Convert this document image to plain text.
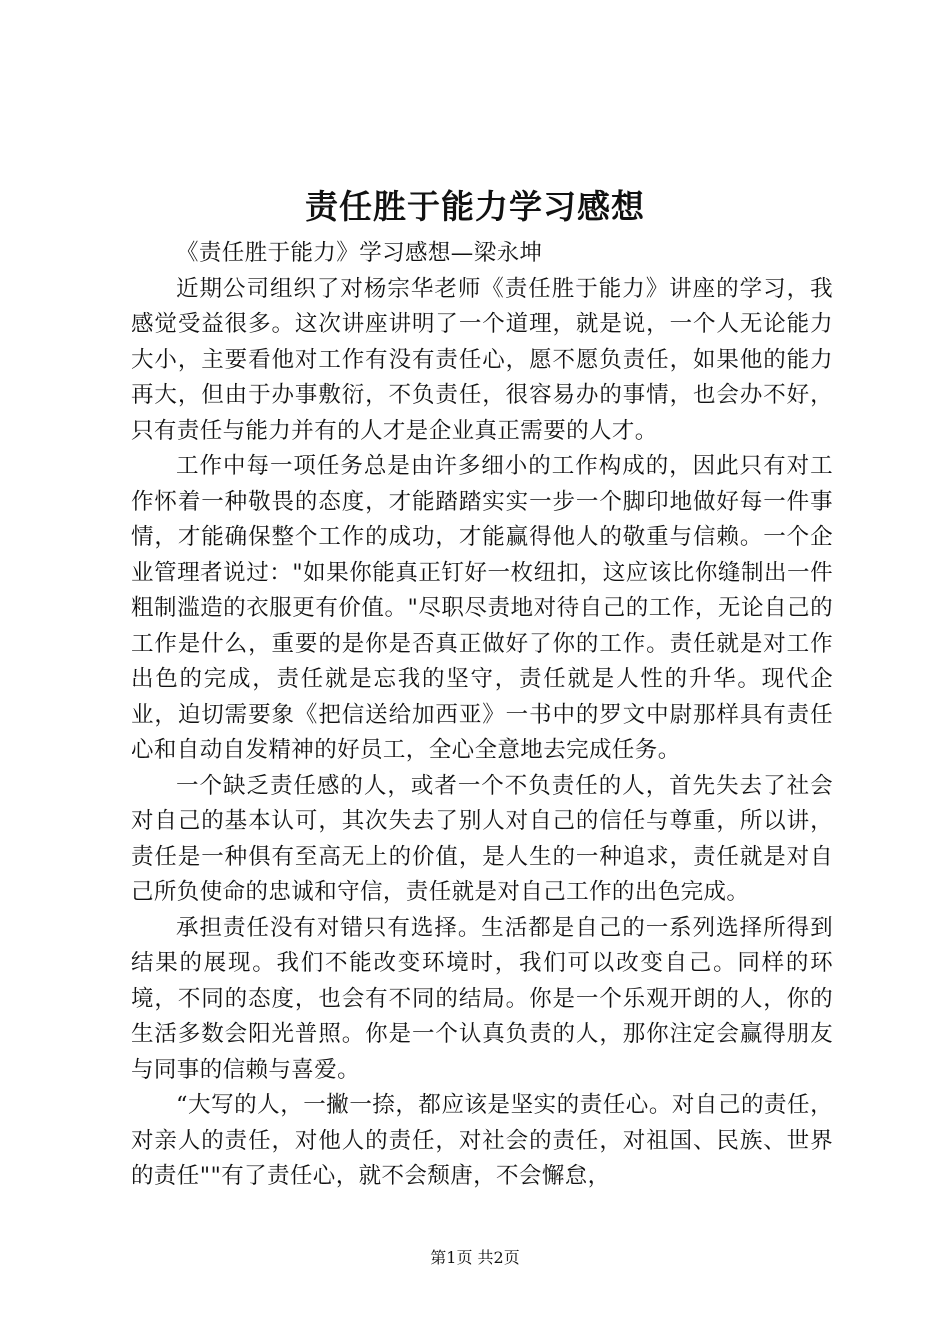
责任胜于能力学习感想

《责任胜于能力》学习感想—梁永坤

近期公司组织了对杨宗华老师《责任胜于能力》讲座的学习，我感觉受益很多。这次讲座讲明了一个道理，就是说，一个人无论能力大小，主要看他对工作有没有责任心，愿不愿负责任，如果他的能力再大，但由于办事敷衍，不负责任，很容易办的事情，也会办不好，只有责任与能力并有的人才是企业真正需要的人才。

工作中每一项任务总是由许多细小的工作构成的，因此只有对工作怀着一种敬畏的态度，才能踏踏实实一步一个脚印地做好每一件事情，才能确保整个工作的成功，才能赢得他人的敬重与信赖。一个企业管理者说过："如果你能真正钉好一枚纽扣，这应该比你缝制出一件粗制滥造的衣服更有价值。"尽职尽责地对待自己的工作，无论自己的工作是什么，重要的是你是否真正做好了你的工作。责任就是对工作出色的完成，责任就是忘我的坚守，责任就是人性的升华。现代企业，迫切需要象《把信送给加西亚》一书中的罗文中尉那样具有责任心和自动自发精神的好员工，全心全意地去完成任务。

一个缺乏责任感的人，或者一个不负责任的人，首先失去了社会对自己的基本认可，其次失去了别人对自己的信任与尊重，所以讲，责任是一种俱有至高无上的价值，是人生的一种追求，责任就是对自己所负使命的忠诚和守信，责任就是对自己工作的出色完成。

承担责任没有对错只有选择。生活都是自己的一系列选择所得到结果的展现。我们不能改变环境时，我们可以改变自己。同样的环境，不同的态度，也会有不同的结局。你是一个乐观开朗的人，你的生活多数会阳光普照。你是一个认真负责的人，那你注定会赢得朋友与同事的信赖与喜爱。

“大写的人，一撇一捺，都应该是坚实的责任心。对自己的责任，对亲人的责任，对他人的责任，对社会的责任，对祖国、民族、世界的责任""有了责任心，就不会颓唐，不会懈怠，

第1页 共2页
